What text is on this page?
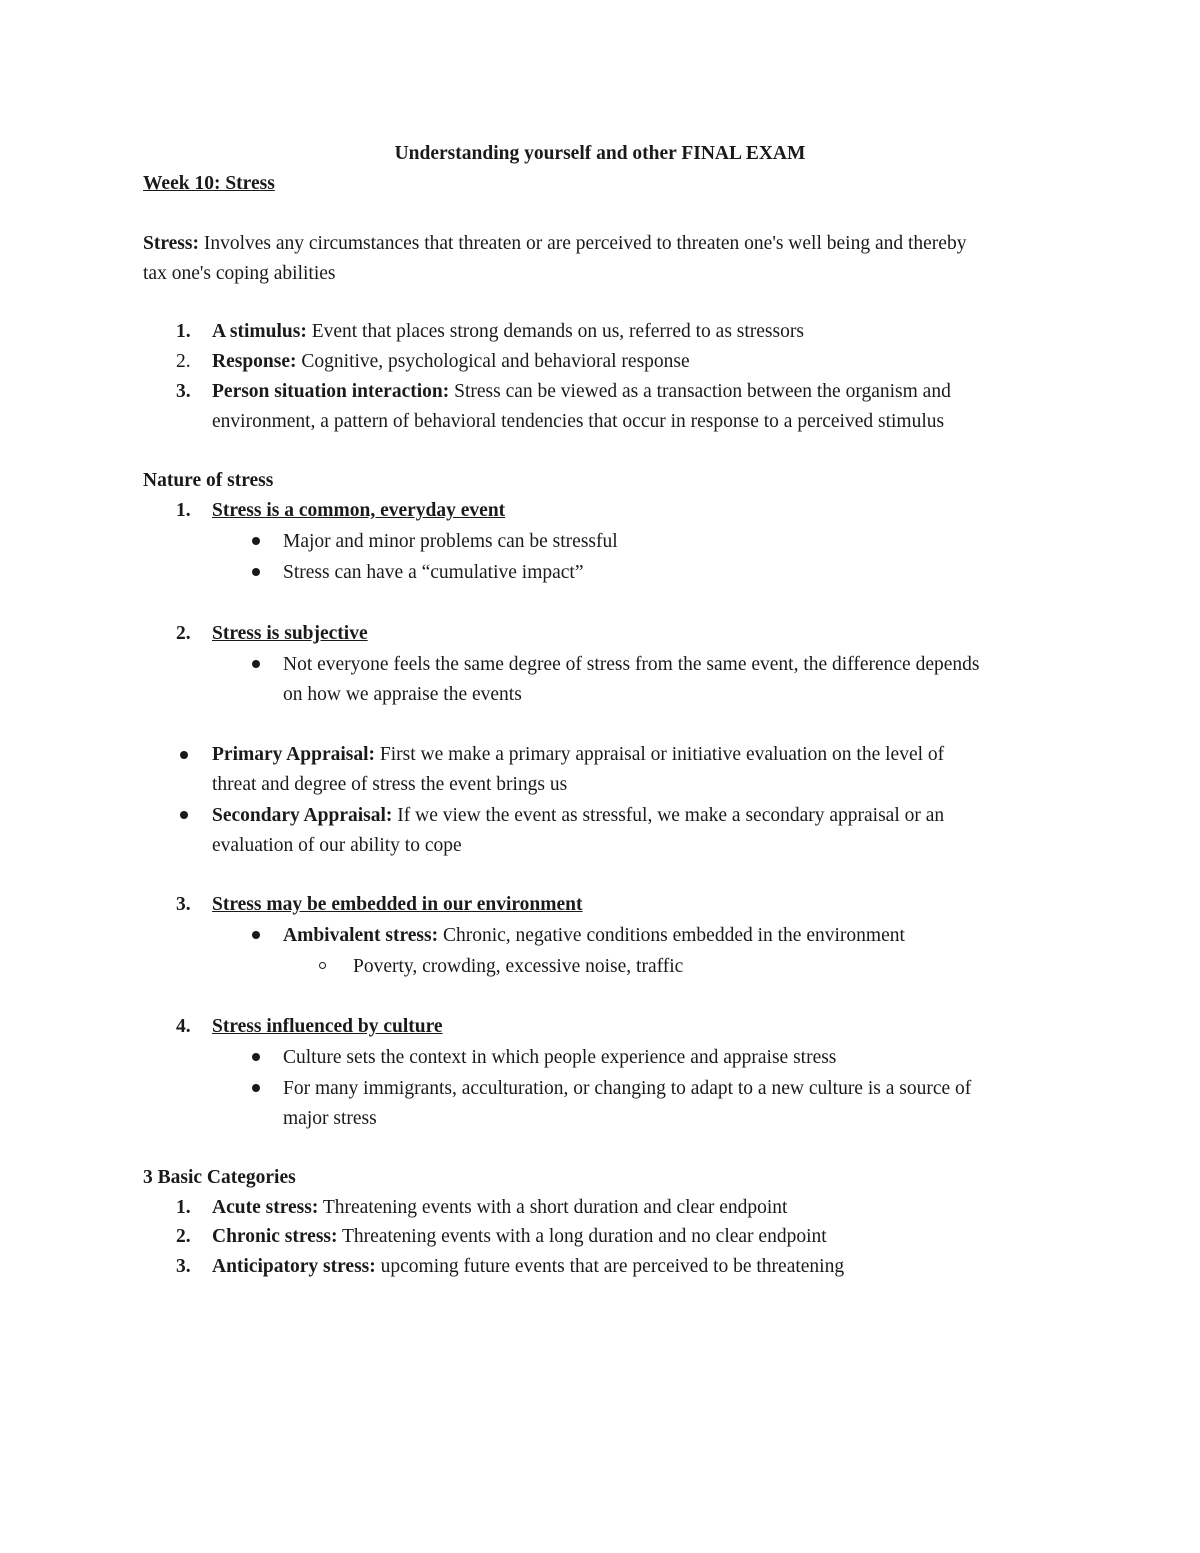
Understanding yourself and other FINAL EXAM
Week 10: Stress
Stress: Involves any circumstances that threaten or are perceived to threaten one's well being and thereby
tax one's coping abilities
1. A stimulus: Event that places strong demands on us, referred to as stressors
2. Response: Cognitive, psychological and behavioral response
3. Person situation interaction: Stress can be viewed as a transaction between the organism and
environment, a pattern of behavioral tendencies that occur in response to a perceived stimulus
Nature of stress
1. Stress is a common, everyday event
Major and minor problems can be stressful
Stress can have a “cumulative impact”
2. Stress is subjective
Not everyone feels the same degree of stress from the same event, the difference depends
on how we appraise the events
Primary Appraisal: First we make a primary appraisal or initiative evaluation on the level of
threat and degree of stress the event brings us
Secondary Appraisal: If we view the event as stressful, we make a secondary appraisal or an
evaluation of our ability to cope
3. Stress may be embedded in our environment
Ambivalent stress: Chronic, negative conditions embedded in the environment
Poverty, crowding, excessive noise, traffic
4. Stress influenced by culture
Culture sets the context in which people experience and appraise stress
For many immigrants, acculturation, or changing to adapt to a new culture is a source of
major stress
3 Basic Categories
1. Acute stress: Threatening events with a short duration and clear endpoint
2. Chronic stress: Threatening events with a long duration and no clear endpoint
3. Anticipatory stress: upcoming future events that are perceived to be threatening
